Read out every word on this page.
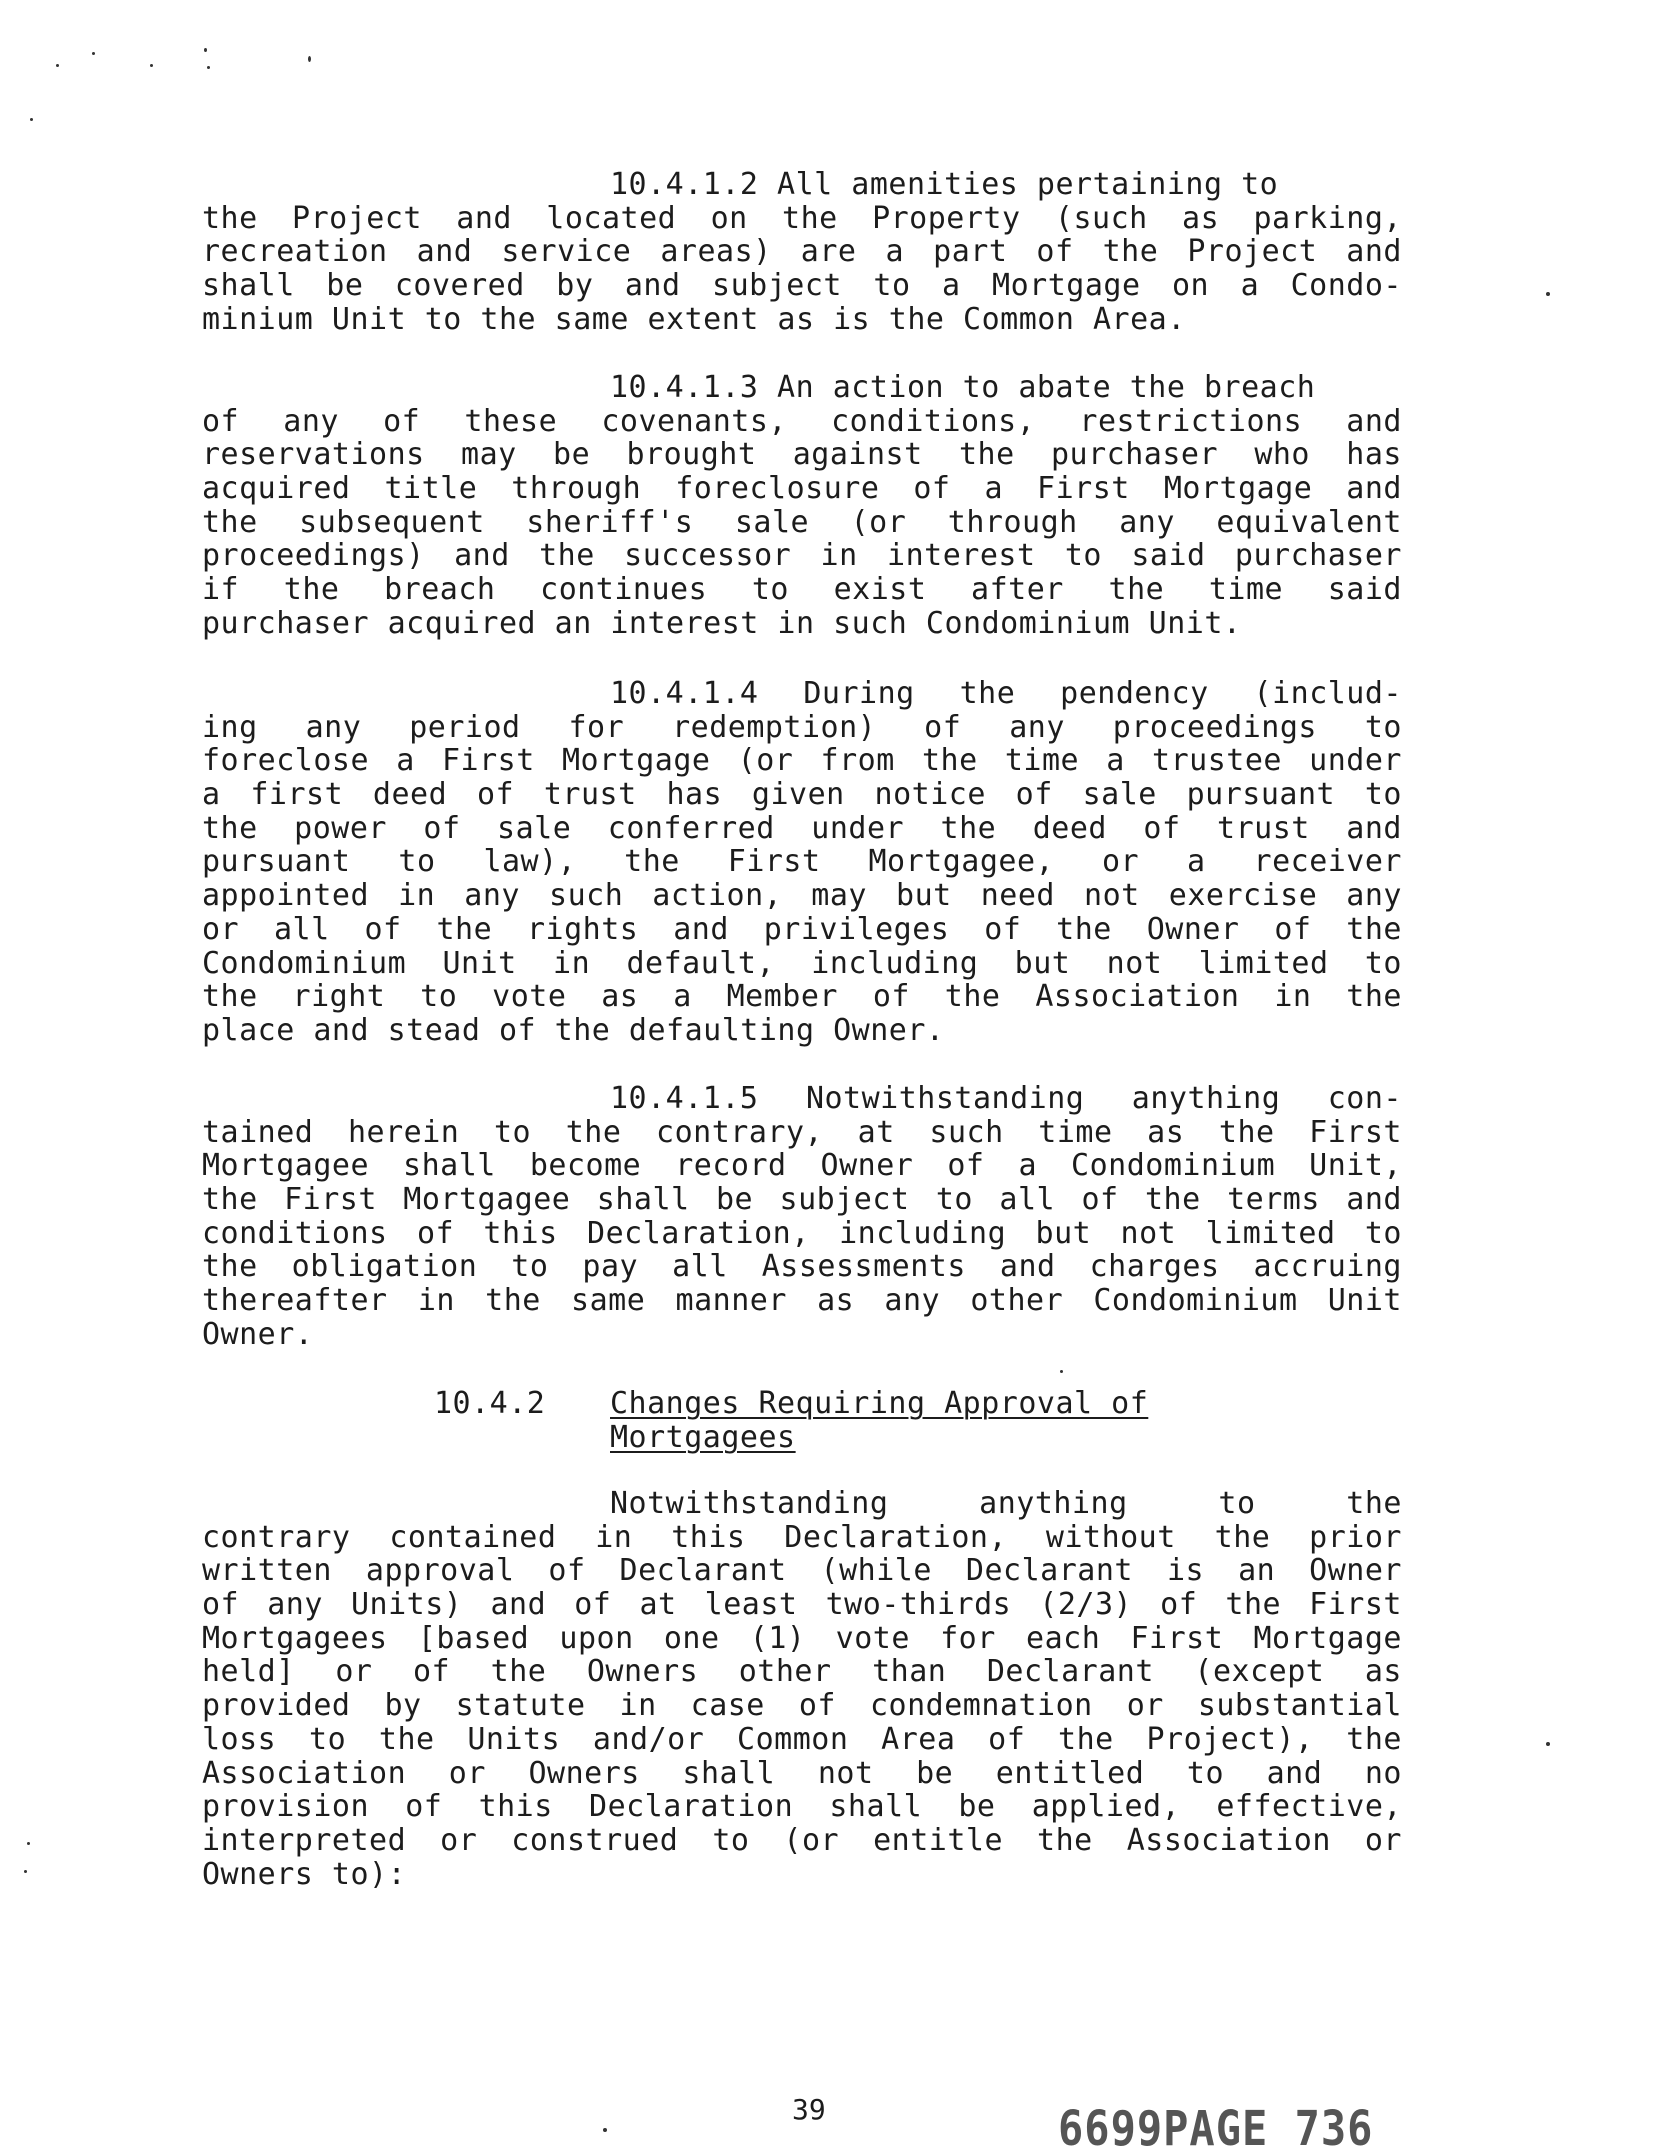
10.4.1.2 All amenities pertaining to
the Project and located on the Property (such as parking,
recreation and service areas) are a part of the Project and
shall be covered by and subject to a Mortgage on a Condo-
minium Unit to the same extent as is the Common Area.
10.4.1.3 An action to abate the breach
of any of these covenants, conditions, restrictions and
reservations may be brought against the purchaser who has
acquired title through foreclosure of a First Mortgage and
the subsequent sheriff's sale (or through any equivalent
proceedings) and the successor in interest to said purchaser
if the breach continues to exist after the time said
purchaser acquired an interest in such Condominium Unit.
10.4.1.4 During the pendency (includ-
ing any period for redemption) of any proceedings to
foreclose a First Mortgage (or from the time a trustee under
a first deed of trust has given notice of sale pursuant to
the power of sale conferred under the deed of trust and
pursuant to law), the First Mortgagee, or a receiver
appointed in any such action, may but need not exercise any
or all of the rights and privileges of the Owner of the
Condominium Unit in default, including but not limited to
the right to vote as a Member of the Association in the
place and stead of the defaulting Owner.
10.4.1.5 Notwithstanding anything con-
tained herein to the contrary, at such time as the First
Mortgagee shall become record Owner of a Condominium Unit,
the First Mortgagee shall be subject to all of the terms and
conditions of this Declaration, including but not limited to
the obligation to pay all Assessments and charges accruing
thereafter in the same manner as any other Condominium Unit
Owner.
10.4.2 Changes Requiring Approval of
Mortgagees
Notwithstanding anything to the
contrary contained in this Declaration, without the prior
written approval of Declarant (while Declarant is an Owner
of any Units) and of at least two-thirds (2/3) of the First
Mortgagees [based upon one (1) vote for each First Mortgage
held] or of the Owners other than Declarant (except as
provided by statute in case of condemnation or substantial
loss to the Units and/or Common Area of the Project), the
Association or Owners shall not be entitled to and no
provision of this Declaration shall be applied, effective,
interpreted or construed to (or entitle the Association or
Owners to):
39	6699PAGE 736
